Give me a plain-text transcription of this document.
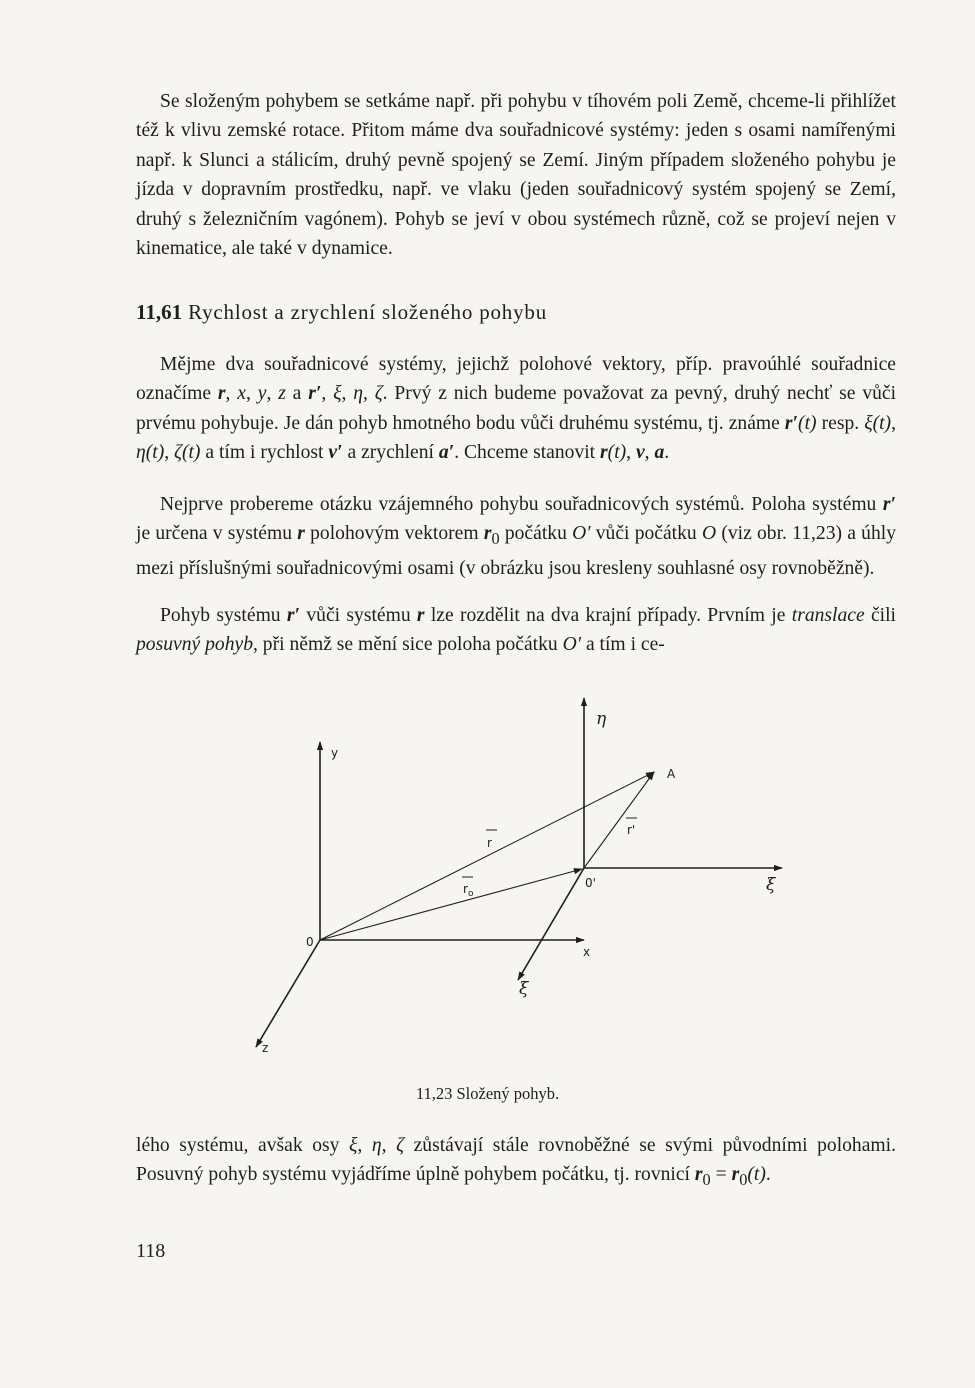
Se složeným pohybem se setkáme např. při pohybu v tíhovém poli Země, chceme-li přihlížet též k vlivu zemské rotace. Přitom máme dva souřadnicové systémy: jeden s osami namířenými např. k Slunci a stálicím, druhý pevně spojený se Zemí. Jiným případem složeného pohybu je jízda v dopravním prostředku, např. ve vlaku (jeden souřadnicový systém spojený se Zemí, druhý s železničním vagónem). Pohyb se jeví v obou systémech různě, což se projeví nejen v kinematice, ale také v dynamice.

11,61 Rychlost a zrychlení složeného pohybu

Mějme dva souřadnicové systémy, jejichž polohové vektory, příp. pravoúhlé souřadnice označíme r, x, y, z a r′, ξ, η, ζ. Prvý z nich budeme považovat za pevný, druhý nechť se vůči prvému pohybuje. Je dán pohyb hmotného bodu vůči druhému systému, tj. známe r′(t) resp. ξ(t), η(t), ζ(t) a tím i rychlost v′ a zrychlení a′. Chceme stanovit r(t), v, a.

Nejprve probereme otázku vzájemného pohybu souřadnicových systémů. Poloha systému r′ je určena v systému r polohovým vektorem $r_0$ počátku O′ vůči počátku O (viz obr. 11,23) a úhly mezi příslušnými souřadnicovými osami (v obrázku jsou kresleny souhlasné osy rovnoběžně).

Pohyb systému r′ vůči systému r lze rozdělit na dva krajní případy. Prvním je translace čili posuvný pohyb, při němž se mění sice poloha počátku O′ a tím i ce-

y
x
z
0
0'
A
r
$r_o$
r'
η
ξ
ξ

11,23 Složený pohyb.

lého systému, avšak osy ξ, η, ζ zůstávají stále rovnoběžné se svými původními polohami. Posuvný pohyb systému vyjádříme úplně pohybem počátku, tj. rovnicí $r_0 = r_0(t)$.

118
